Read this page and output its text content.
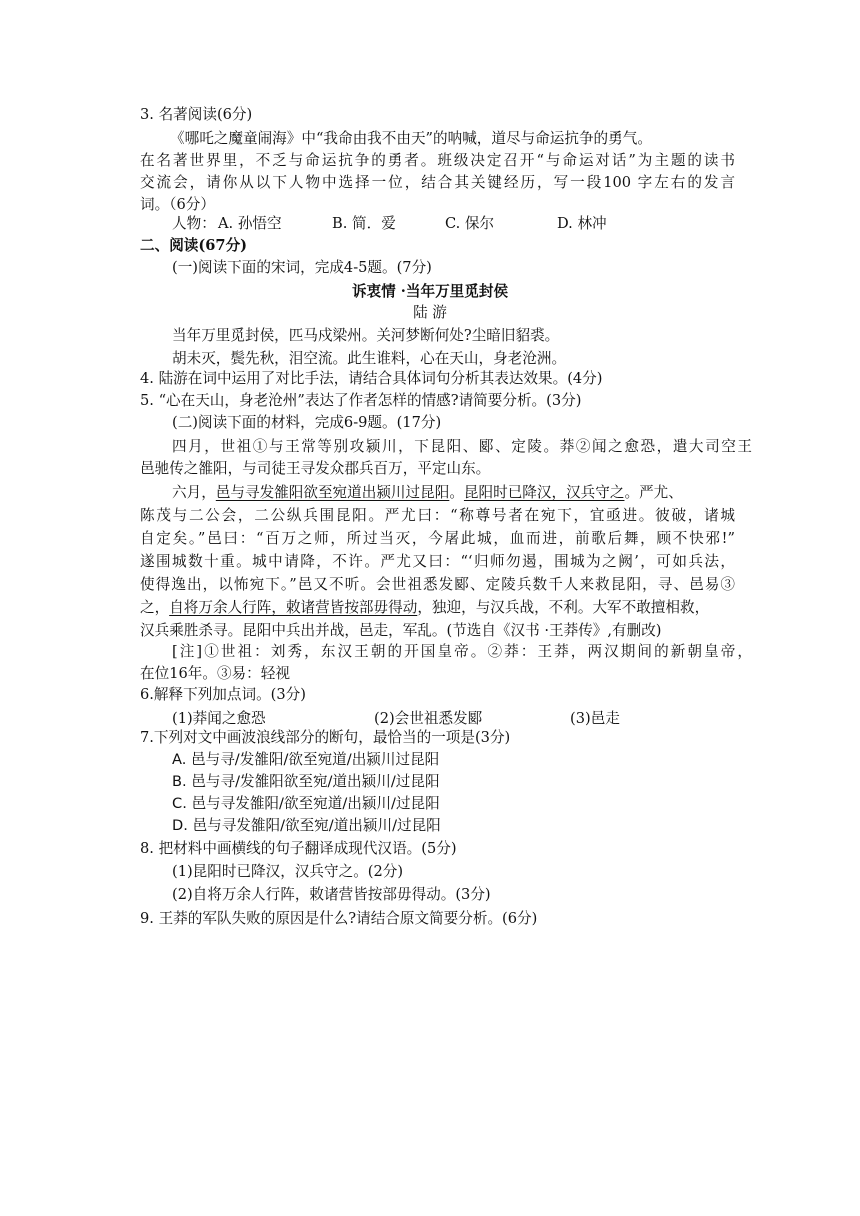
3. 名著阅读(6分)
《哪吒之魔童闹海》中“我命由我不由天”的呐喊，道尽与命运抗争的勇气。
在名著世界里，不乏与命运抗争的勇者。班级决定召开“与命运对话”为主题的读书
交流会，请你从以下人物中选择一位，结合其关键经历，写一段100 字左右的发言
词。（6分）
人物： A. 孙悟空	B. 简．爱	C. 保尔	D. 林冲
二、阅读(67分)
(一)阅读下面的宋词，完成4-5题。(7分)
诉衷情 ·当年万里觅封侯
陆 游
当年万里觅封侯，匹马戍梁州。关河梦断何处?尘暗旧貂裘。
胡未灭，鬓先秋，泪空流。此生谁料，心在天山，身老沧洲。
4. 陆游在词中运用了对比手法，请结合具体词句分析其表达效果。(4分)
5. “心在天山，身老沧州”表达了作者怎样的情感?请简要分析。(3分)
(二)阅读下面的材料，完成6-9题。(17分)
四月，世祖①与王常等别攻颍川，下昆阳、郾、定陵。莽②闻之愈恐，遣大司空王
邑驰传之雒阳，与司徒王寻发众郡兵百万，平定山东。
六月，邑与寻发雒阳欲至宛道出颍川过昆阳。昆阳时已降汉，汉兵守之。严尤、
陈茂与二公会，二公纵兵围昆阳。严尤曰：“称尊号者在宛下，宜亟进。彼破，诸城
自定矣。”邑曰：“百万之师，所过当灭，今屠此城，血而进，前歌后舞，顾不快邪!”
遂围城数十重。城中请降，不许。严尤又曰：“‘归师勿遏，围城为之阙’，可如兵法，
使得逸出，以怖宛下。”邑又不听。会世祖悉发郾、定陵兵数千人来救昆阳，寻、邑易③
之，自将万余人行阵，敕诸营皆按部毋得动，独迎，与汉兵战，不利。大军不敢擅相救，
汉兵乘胜杀寻。昆阳中兵出并战，邑走，军乱。(节选自《汉书 ·王莽传》,有删改)
[注]①世祖：刘秀，东汉王朝的开国皇帝。②莽：王莽，两汉期间的新朝皇帝，
在位16年。③易：轻视
6.解释下列加点词。(3分)
(1)莽闻之愈恐	(2)会世祖悉发郾	(3)邑走
7.下列对文中画波浪线部分的断句，最恰当的一项是(3分)
A. 邑与寻/发雒阳/欲至宛道/出颍川过昆阳
B. 邑与寻/发雒阳欲至宛/道出颍川/过昆阳
C. 邑与寻发雒阳/欲至宛道/出颍川/过昆阳
D. 邑与寻发雒阳/欲至宛/道出颍川/过昆阳
8. 把材料中画横线的句子翻译成现代汉语。(5分)
(1)昆阳时已降汉，汉兵守之。(2分)
(2)自将万余人行阵，敕诸营皆按部毋得动。(3分)
9. 王莽的军队失败的原因是什么?请结合原文简要分析。(6分)
